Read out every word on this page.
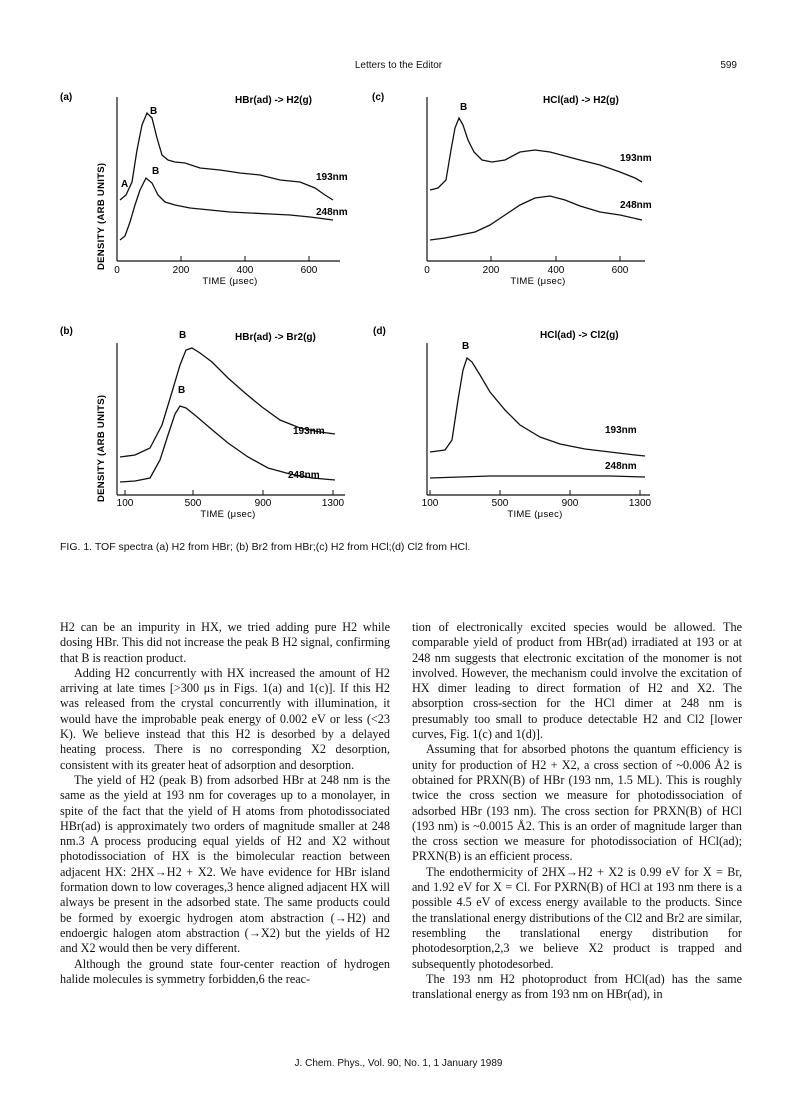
Letters to the Editor	599
(a)	HBr(ad) -> H2(g)
DENSITY (ARB UNITS)
0	200	400	600
TIME (μsec)
B
B
A
193nm
248nm
(c)	HCl(ad) -> H2(g)
0	200	400	600
TIME (μsec)
B
193nm
248nm
(b)
HBr(ad) -> Br2(g)
DENSITY (ARB UNITS)
100	500	900	1300
TIME (μsec)
B
B
193nm
248nm
(d)	HCl(ad) -> Cl2(g)
100	500	900	1300
TIME (μsec)
B
193nm
248nm
FIG. 1. TOF spectra (a) H2 from HBr; (b) Br2 from HBr;(c) H2 from HCl;(d) Cl2 from HCl.

H2 can be an impurity in HX, we tried adding pure H2 while dosing HBr. This did not increase the peak B H2 signal, confirming that B is reaction product.

Adding H2 concurrently with HX increased the amount of H2 arriving at late times [>300 μs in Figs. 1(a) and 1(c)]. If this H2 was released from the crystal concurrently with illumination, it would have the improbable peak energy of 0.002 eV or less (<23 K). We believe instead that this H2 is desorbed by a delayed heating process. There is no corresponding X2 desorption, consistent with its greater heat of adsorption and desorption.

The yield of H2 (peak B) from adsorbed HBr at 248 nm is the same as the yield at 193 nm for coverages up to a monolayer, in spite of the fact that the yield of H atoms from photodissociated HBr(ad) is approximately two orders of magnitude smaller at 248 nm.3 A process producing equal yields of H2 and X2 without photodissociation of HX is the bimolecular reaction between adjacent HX: 2HX→H2 + X2. We have evidence for HBr island formation down to low coverages,3 hence aligned adjacent HX will always be present in the adsorbed state. The same products could be formed by exoergic hydrogen atom abstraction (→H2) and endoergic halogen atom abstraction (→X2) but the yields of H2 and X2 would then be very different.

Although the ground state four-center reaction of hydrogen halide molecules is symmetry forbidden,6 the reac-

tion of electronically excited species would be allowed. The comparable yield of product from HBr(ad) irradiated at 193 or at 248 nm suggests that electronic excitation of the monomer is not involved. However, the mechanism could involve the excitation of HX dimer leading to direct formation of H2 and X2. The absorption cross-section for the HCl dimer at 248 nm is presumably too small to produce detectable H2 and Cl2 [lower curves, Fig. 1(c) and 1(d)].

Assuming that for absorbed photons the quantum efficiency is unity for production of H2 + X2, a cross section of ~0.006 Å2 is obtained for PRXN(B) of HBr (193 nm, 1.5 ML). This is roughly twice the cross section we measure for photodissociation of adsorbed HBr (193 nm). The cross section for PRXN(B) of HCl (193 nm) is ~0.0015 Å2. This is an order of magnitude larger than the cross section we measure for photodissociation of HCl(ad); PRXN(B) is an efficient process.

The endothermicity of 2HX→H2 + X2 is 0.99 eV for X = Br, and 1.92 eV for X = Cl. For PXRN(B) of HCl at 193 nm there is a possible 4.5 eV of excess energy available to the products. Since the translational energy distributions of the Cl2 and Br2 are similar, resembling the translational energy distribution for photodesorption,2,3 we believe X2 product is trapped and subsequently photodesorbed.

The 193 nm H2 photoproduct from HCl(ad) has the same translational energy as from 193 nm on HBr(ad), in

J. Chem. Phys., Vol. 90, No. 1, 1 January 1989
